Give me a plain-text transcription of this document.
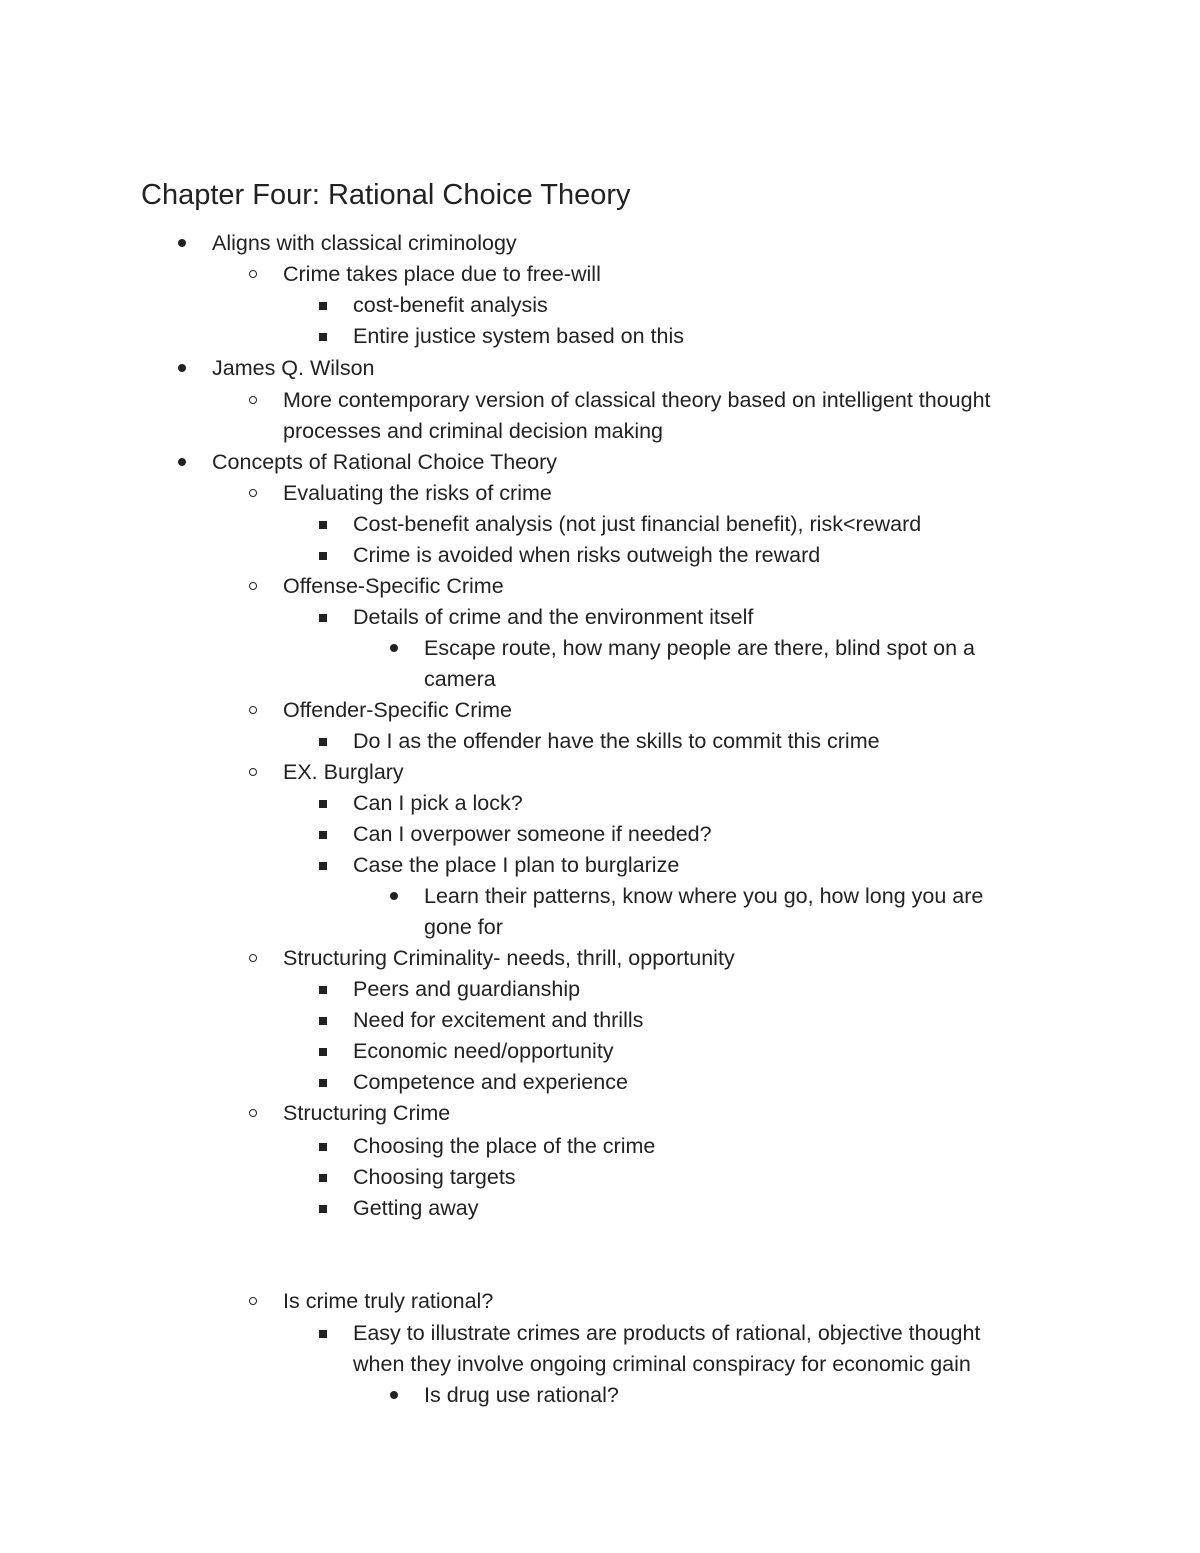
Chapter Four: Rational Choice Theory
Aligns with classical criminology
Crime takes place due to free-will
cost-benefit analysis
Entire justice system based on this
James Q. Wilson
More contemporary version of classical theory based on intelligent thought
processes and criminal decision making
Concepts of Rational Choice Theory
Evaluating the risks of crime
Cost-benefit analysis (not just financial benefit), risk<reward
Crime is avoided when risks outweigh the reward
Offense-Specific Crime
Details of crime and the environment itself
Escape route, how many people are there, blind spot on a
camera
Offender-Specific Crime
Do I as the offender have the skills to commit this crime
EX. Burglary
Can I pick a lock?
Can I overpower someone if needed?
Case the place I plan to burglarize
Learn their patterns, know where you go, how long you are
gone for
Structuring Criminality- needs, thrill, opportunity
Peers and guardianship
Need for excitement and thrills
Economic need/opportunity
Competence and experience
Structuring Crime
Choosing the place of the crime
Choosing targets
Getting away
Is crime truly rational?
Easy to illustrate crimes are products of rational, objective thought
when they involve ongoing criminal conspiracy for economic gain
Is drug use rational?
